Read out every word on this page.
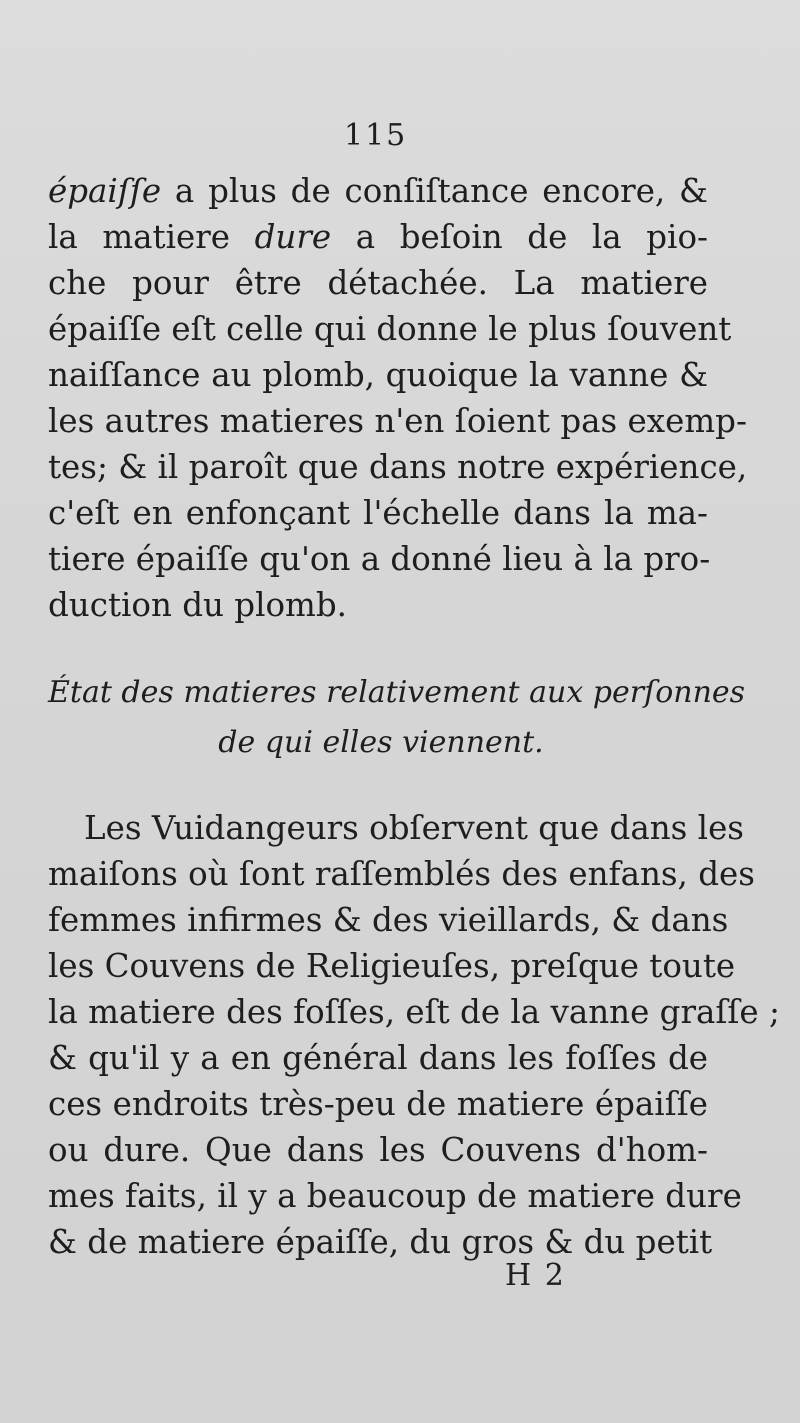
115
épaiſſe a plus de conſiſtance encore, &
la matiere dure a beſoin de la pio-
che pour être détachée. La matiere
épaiſſe eſt celle qui donne le plus ſouvent
naiſſance au plomb, quoique la vanne &
les autres matieres n'en ſoient pas exemp-
tes; & il paroît que dans notre expérience,
c'eſt en enfonçant l'échelle dans la ma-
tiere épaiſſe qu'on a donné lieu à la pro-
duction du plomb.
État des matieres relativement aux perſonnes
de qui elles viennent.
Les Vuidangeurs obſervent que dans les
maiſons où ſont raſſemblés des enfans, des
femmes infirmes & des vieillards, & dans
les Couvens de Religieuſes, preſque toute
la matiere des foſſes, eſt de la vanne graſſe ;
& qu'il y a en général dans les foſſes de
ces endroits très-peu de matiere épaiſſe
ou dure. Que dans les Couvens d'hom-
mes faits, il y a beaucoup de matiere dure
& de matiere épaiſſe, du gros & du petit
H 2
